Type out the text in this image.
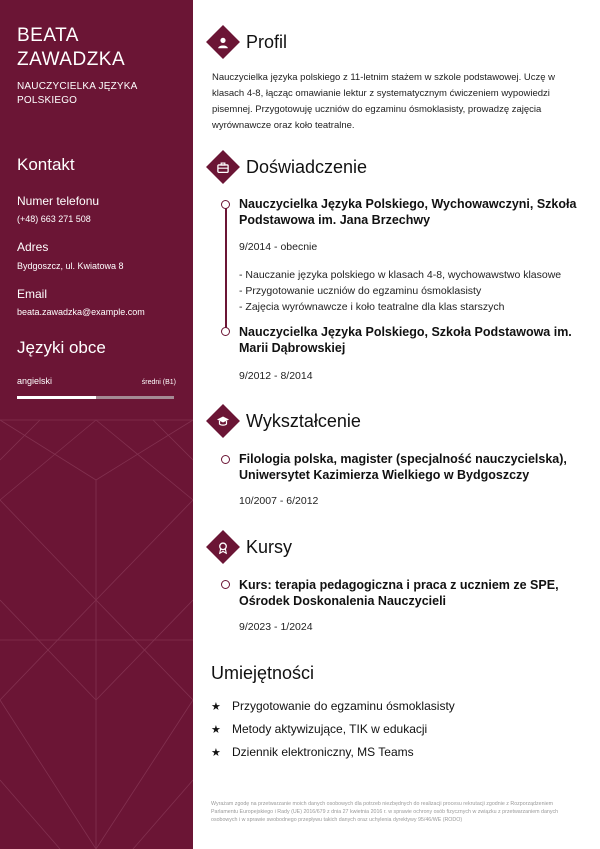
BEATA
ZAWADZKA
NAUCZYCIELKA JĘZYKA POLSKIEGO
Kontakt
Numer telefonu
(+48) 663 271 508
Adres
Bydgoszcz, ul. Kwiatowa 8
Email
beata.zawadzka@example.com
Języki obce
angielski	średni (B1)
Profil
Nauczycielka języka polskiego z 11-letnim stażem w szkole podstawowej. Uczę w klasach 4-8, łącząc omawianie lektur z systematycznym ćwiczeniem wypowiedzi pisemnej. Przygotowuję uczniów do egzaminu ósmoklasisty, prowadzę zajęcia wyrównawcze oraz koło teatralne.
Doświadczenie
Nauczycielka Języka Polskiego, Wychowawczyni, Szkoła Podstawowa im. Jana Brzechwy
9/2014 - obecnie
- Nauczanie języka polskiego w klasach 4-8, wychowawstwo klasowe
- Przygotowanie uczniów do egzaminu ósmoklasisty
- Zajęcia wyrównawcze i koło teatralne dla klas starszych
Nauczycielka Języka Polskiego, Szkoła Podstawowa im. Marii Dąbrowskiej
9/2012 - 8/2014
Wykształcenie
Filologia polska, magister (specjalność nauczycielska), Uniwersytet Kazimierza Wielkiego w Bydgoszczy
10/2007 - 6/2012
Kursy
Kurs: terapia pedagogiczna i praca z uczniem ze SPE, Ośrodek Doskonalenia Nauczycieli
9/2023 - 1/2024
Umiejętności
★ Przygotowanie do egzaminu ósmoklasisty
★ Metody aktywizujące, TIK w edukacji
★ Dziennik elektroniczny, MS Teams
Wyrażam zgodę na przetwarzanie moich danych osobowych dla potrzeb niezbędnych do realizacji procesu rekrutacji zgodnie z Rozporządzeniem Parlamentu Europejskiego i Rady (UE) 2016/679 z dnia 27 kwietnia 2016 r. w sprawie ochrony osób fizycznych w związku z przetwarzaniem danych osobowych i w sprawie swobodnego przepływu takich danych oraz uchylenia dyrektywy 95/46/WE (RODO)
